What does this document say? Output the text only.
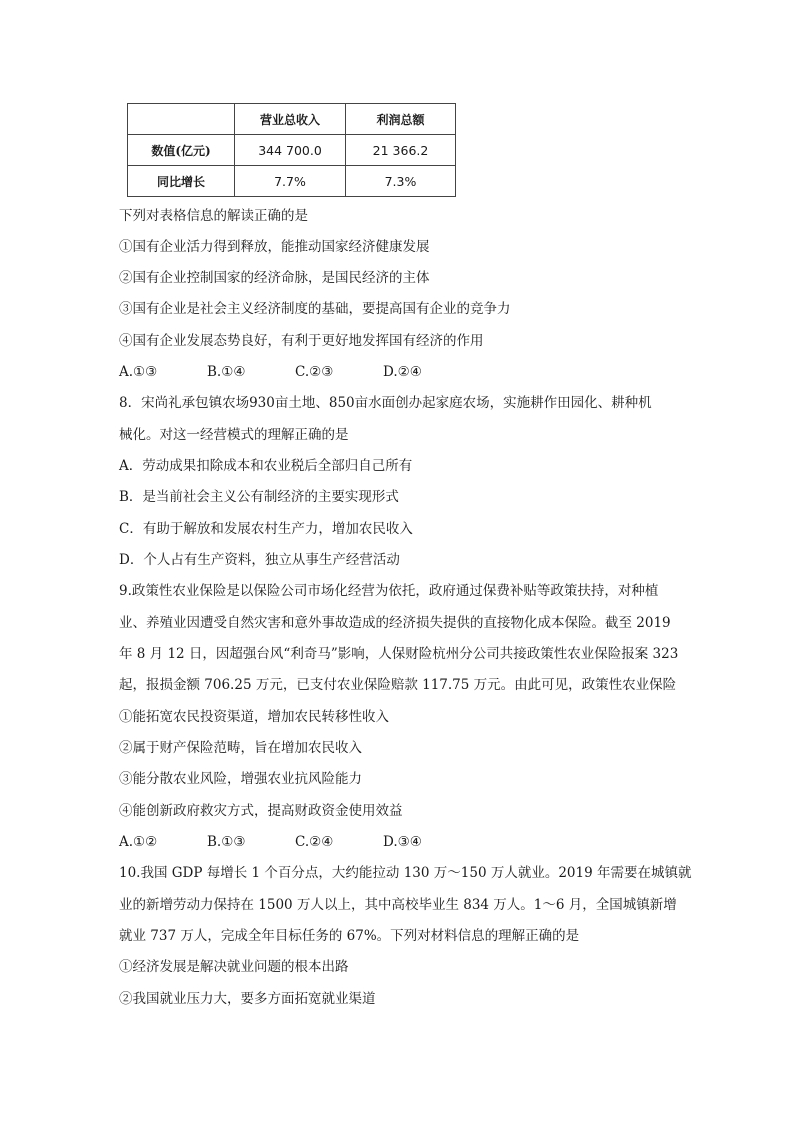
	营业总收入	利润总额
数值(亿元)	344 700.0	21 366.2
同比增长	7.7%	7.3%
下列对表格信息的解读正确的是
①国有企业活力得到释放，能推动国家经济健康发展
②国有企业控制国家的经济命脉，是国民经济的主体
③国有企业是社会主义经济制度的基础，要提高国有企业的竞争力
④国有企业发展态势良好，有利于更好地发挥国有经济的作用
A.①③	B.①④	C.②③	D.②④
8．宋尚礼承包镇农场930亩土地、850亩水面创办起家庭农场，实施耕作田园化、耕种机
械化。对这一经营模式的理解正确的是
A．劳动成果扣除成本和农业税后全部归自己所有
B．是当前社会主义公有制经济的主要实现形式
C．有助于解放和发展农村生产力，增加农民收入
D．个人占有生产资料，独立从事生产经营活动
9.政策性农业保险是以保险公司市场化经营为依托，政府通过保费补贴等政策扶持，对种植
业、养殖业因遭受自然灾害和意外事故造成的经济损失提供的直接物化成本保险。截至 2019
年 8 月 12 日，因超强台风“利奇马”影响，人保财险杭州分公司共接政策性农业保险报案 323
起，报损金额 706.25 万元，已支付农业保险赔款 117.75 万元。由此可见，政策性农业保险
①能拓宽农民投资渠道，增加农民转移性收入
②属于财产保险范畴，旨在增加农民收入
③能分散农业风险，增强农业抗风险能力
④能创新政府救灾方式，提高财政资金使用效益
A.①②	B.①③	C.②④	D.③④
10.我国 GDP 每增长 1 个百分点，大约能拉动 130 万～150 万人就业。2019 年需要在城镇就
业的新增劳动力保持在 1500 万人以上，其中高校毕业生 834 万人。1～6 月，全国城镇新增
就业 737 万人，完成全年目标任务的 67%。下列对材料信息的理解正确的是
①经济发展是解决就业问题的根本出路
②我国就业压力大，要多方面拓宽就业渠道
